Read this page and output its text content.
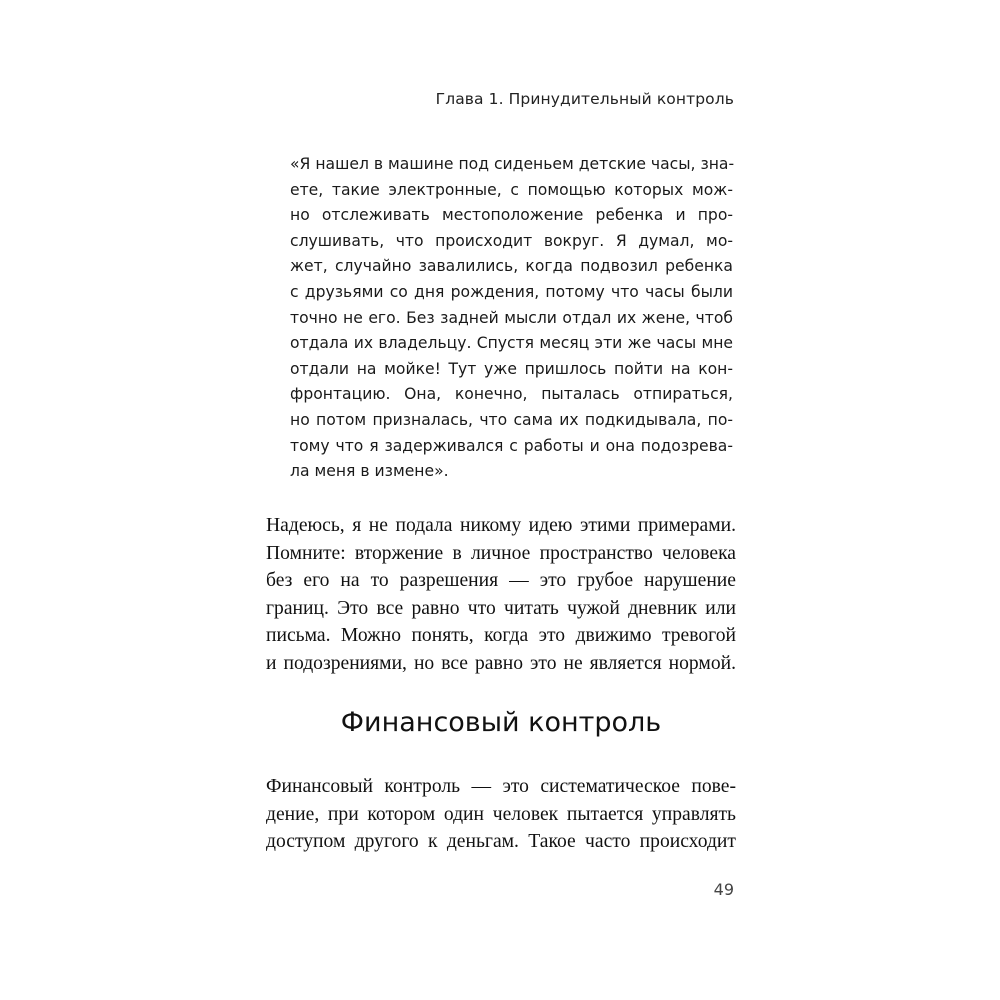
Глава 1. Принудительный контроль
«Я нашел в машине под сиденьем детские часы, зна-
ете, такие электронные, с помощью которых мож-
но отслеживать местоположение ребенка и про-
слушивать, что происходит вокруг. Я думал, мо-
жет, случайно завалились, когда подвозил ребенка
с друзьями со дня рождения, потому что часы были
точно не его. Без задней мысли отдал их жене, чтоб
отдала их владельцу. Спустя месяц эти же часы мне
отдали на мойке! Тут уже пришлось пойти на кон-
фронтацию. Она, конечно, пыталась отпираться,
но потом призналась, что сама их подкидывала, по-
тому что я задерживался с работы и она подозрева-
ла меня в измене».
Надеюсь, я не подала никому идею этими примерами.
Помните: вторжение в личное пространство человека
без его на то разрешения — это грубое нарушение
границ. Это все равно что читать чужой дневник или
письма. Можно понять, когда это движимо тревогой
и подозрениями, но все равно это не является нормой.
Финансовый контроль
Финансовый контроль — это систематическое пове-
дение, при котором один человек пытается управлять
доступом другого к деньгам. Такое часто происходит
49
